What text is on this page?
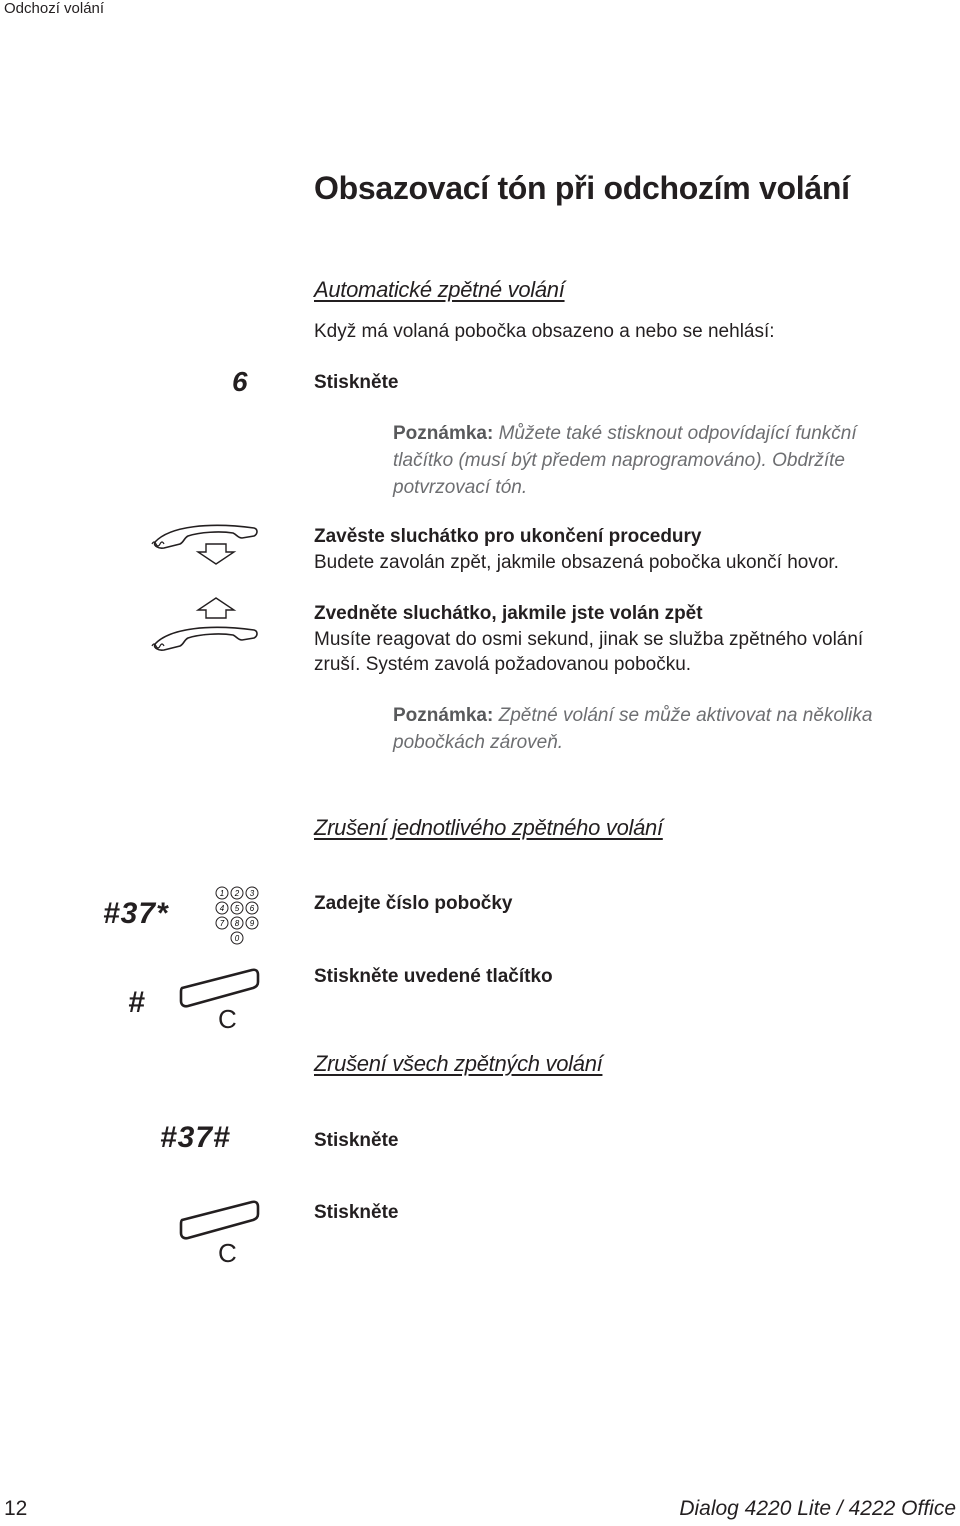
Odchozí volání
Obsazovací tón při odchozím volání
Automatické zpětné volání
Když má volaná pobočka obsazeno a nebo se nehlásí:
6	Stiskněte
Poznámka: Můžete také stisknout odpovídající funkční
tlačítko (musí být předem naprogramováno). Obdržíte
potvrzovací tón.
Zavěste sluchátko pro ukončení procedury
Budete zavolán zpět, jakmile obsazená pobočka ukončí hovor.
Zvedněte sluchátko, jakmile jste volán zpět
Musíte reagovat do osmi sekund, jinak se služba zpětného volání
zruší. Systém zavolá požadovanou pobočku.
Poznámka: Zpětné volání se může aktivovat na několika
pobočkách zároveň.
Zrušení jednotlivého zpětného volání
#37*
1 2 3
4 5 6
7 8 9
0
Zadejte číslo pobočky
#	C
Stiskněte uvedené tlačítko
Zrušení všech zpětných volání
#37#	Stiskněte
C
Stiskněte
12	Dialog 4220 Lite / 4222 Office
